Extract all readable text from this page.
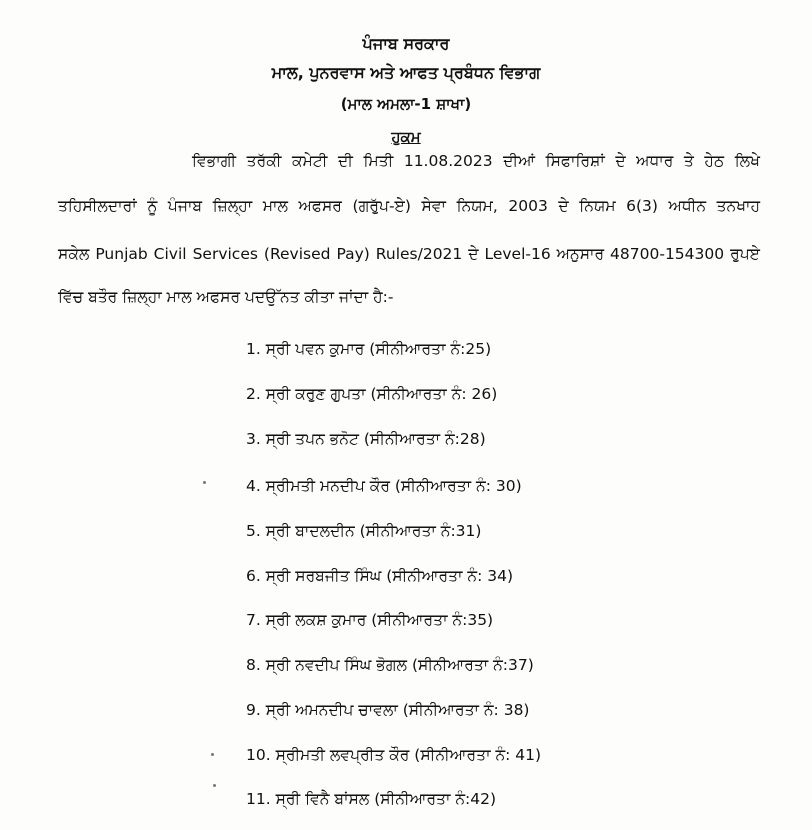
ਪੰਜਾਬ ਸਰਕਾਰ
ਮਾਲ, ਪੁਨਰਵਾਸ ਅਤੇ ਆਫਤ ਪ੍ਰਬੰਧਨ ਵਿਭਾਗ
(ਮਾਲ ਅਮਲਾ-1 ਸ਼ਾਖਾ)
ਹੁਕਮ
ਵਿਭਾਗੀ ਤਰੱਕੀ ਕਮੇਟੀ ਦੀ ਮਿਤੀ 11.08.2023 ਦੀਆਂ ਸਿਫਾਰਿਸ਼ਾਂ ਦੇ ਅਧਾਰ ਤੇ ਹੇਠ ਲਿਖੇ
ਤਹਿਸੀਲਦਾਰਾਂ ਨੂੰ ਪੰਜਾਬ ਜ਼ਿਲ੍ਹਾ ਮਾਲ ਅਫਸਰ (ਗਰੁੱਪ-ਏ) ਸੇਵਾ ਨਿਯਮ, 2003 ਦੇ ਨਿਯਮ 6(3) ਅਧੀਨ ਤਨਖਾਹ
ਸਕੇਲ Punjab Civil Services (Revised Pay) Rules/2021 ਦੇ Level-16 ਅਨੁਸਾਰ 48700-154300 ਰੁਪਏ
ਵਿੱਚ ਬਤੌਰ ਜ਼ਿਲ੍ਹਾ ਮਾਲ ਅਫਸਰ ਪਦਉੱਨਤ ਕੀਤਾ ਜਾਂਦਾ ਹੈ:-
1. ਸ੍ਰੀ ਪਵਨ ਕੁਮਾਰ (ਸੀਨੀਆਰਤਾ ਨੰ:25)
2. ਸ੍ਰੀ ਕਰੁਣ ਗੁਪਤਾ (ਸੀਨੀਆਰਤਾ ਨੰ: 26)
3. ਸ੍ਰੀ ਤਪਨ ਭਨੋਟ (ਸੀਨੀਆਰਤਾ ਨੰ:28)
4. ਸ੍ਰੀਮਤੀ ਮਨਦੀਪ ਕੌਰ (ਸੀਨੀਆਰਤਾ ਨੰ: 30)
5. ਸ੍ਰੀ ਬਾਦਲਦੀਨ (ਸੀਨੀਆਰਤਾ ਨੰ:31)
6. ਸ੍ਰੀ ਸਰਬਜੀਤ ਸਿੰਘ (ਸੀਨੀਆਰਤਾ ਨੰ: 34)
7. ਸ੍ਰੀ ਲਕਸ਼ ਕੁਮਾਰ (ਸੀਨੀਆਰਤਾ ਨੰ:35)
8. ਸ੍ਰੀ ਨਵਦੀਪ ਸਿੰਘ ਭੋਗਲ (ਸੀਨੀਆਰਤਾ ਨੰ:37)
9. ਸ੍ਰੀ ਅਮਨਦੀਪ ਚਾਵਲਾ (ਸੀਨੀਆਰਤਾ ਨੰ: 38)
10. ਸ੍ਰੀਮਤੀ ਲਵਪ੍ਰੀਤ ਕੌਰ (ਸੀਨੀਆਰਤਾ ਨੰ: 41)
11. ਸ੍ਰੀ ਵਿਨੈ ਬਾਂਸਲ (ਸੀਨੀਆਰਤਾ ਨੰ:42)
